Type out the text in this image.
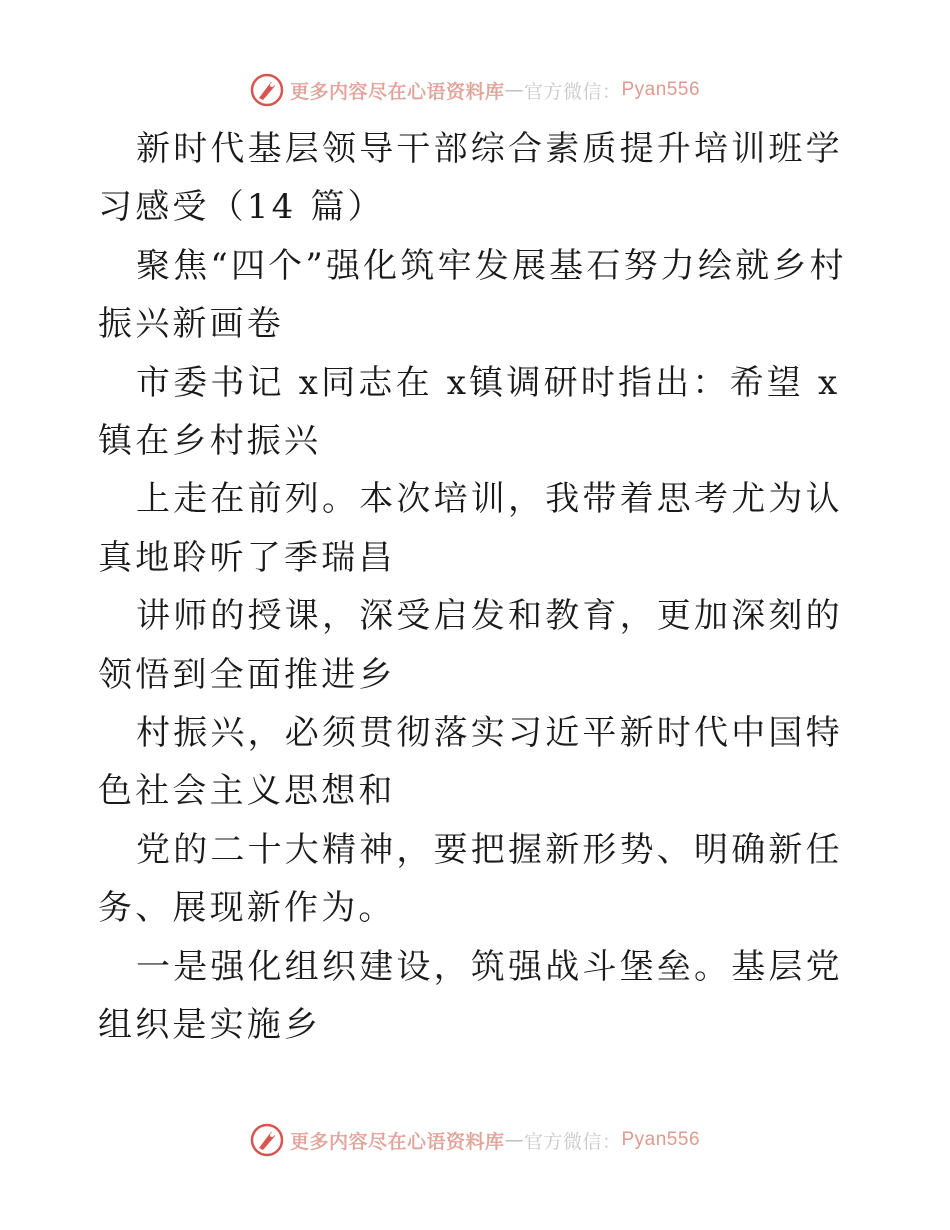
更多内容尽在心语资料库 — 官方微信： Pyan556

新时代基层领导干部综合素质提升培训班学习感受（14 篇）

聚焦“四个”强化筑牢发展基石努力绘就乡村振兴新画卷

市委书记 x同志在 x镇调研时指出：希望 x镇在乡村振兴

上走在前列。本次培训，我带着思考尤为认真地聆听了季瑞昌

讲师的授课，深受启发和教育，更加深刻的领悟到全面推进乡

村振兴，必须贯彻落实习近平新时代中国特色社会主义思想和

党的二十大精神，要把握新形势、明确新任务、展现新作为。

一是强化组织建设，筑强战斗堡垒。基层党组织是实施乡

更多内容尽在心语资料库 — 官方微信： Pyan556
